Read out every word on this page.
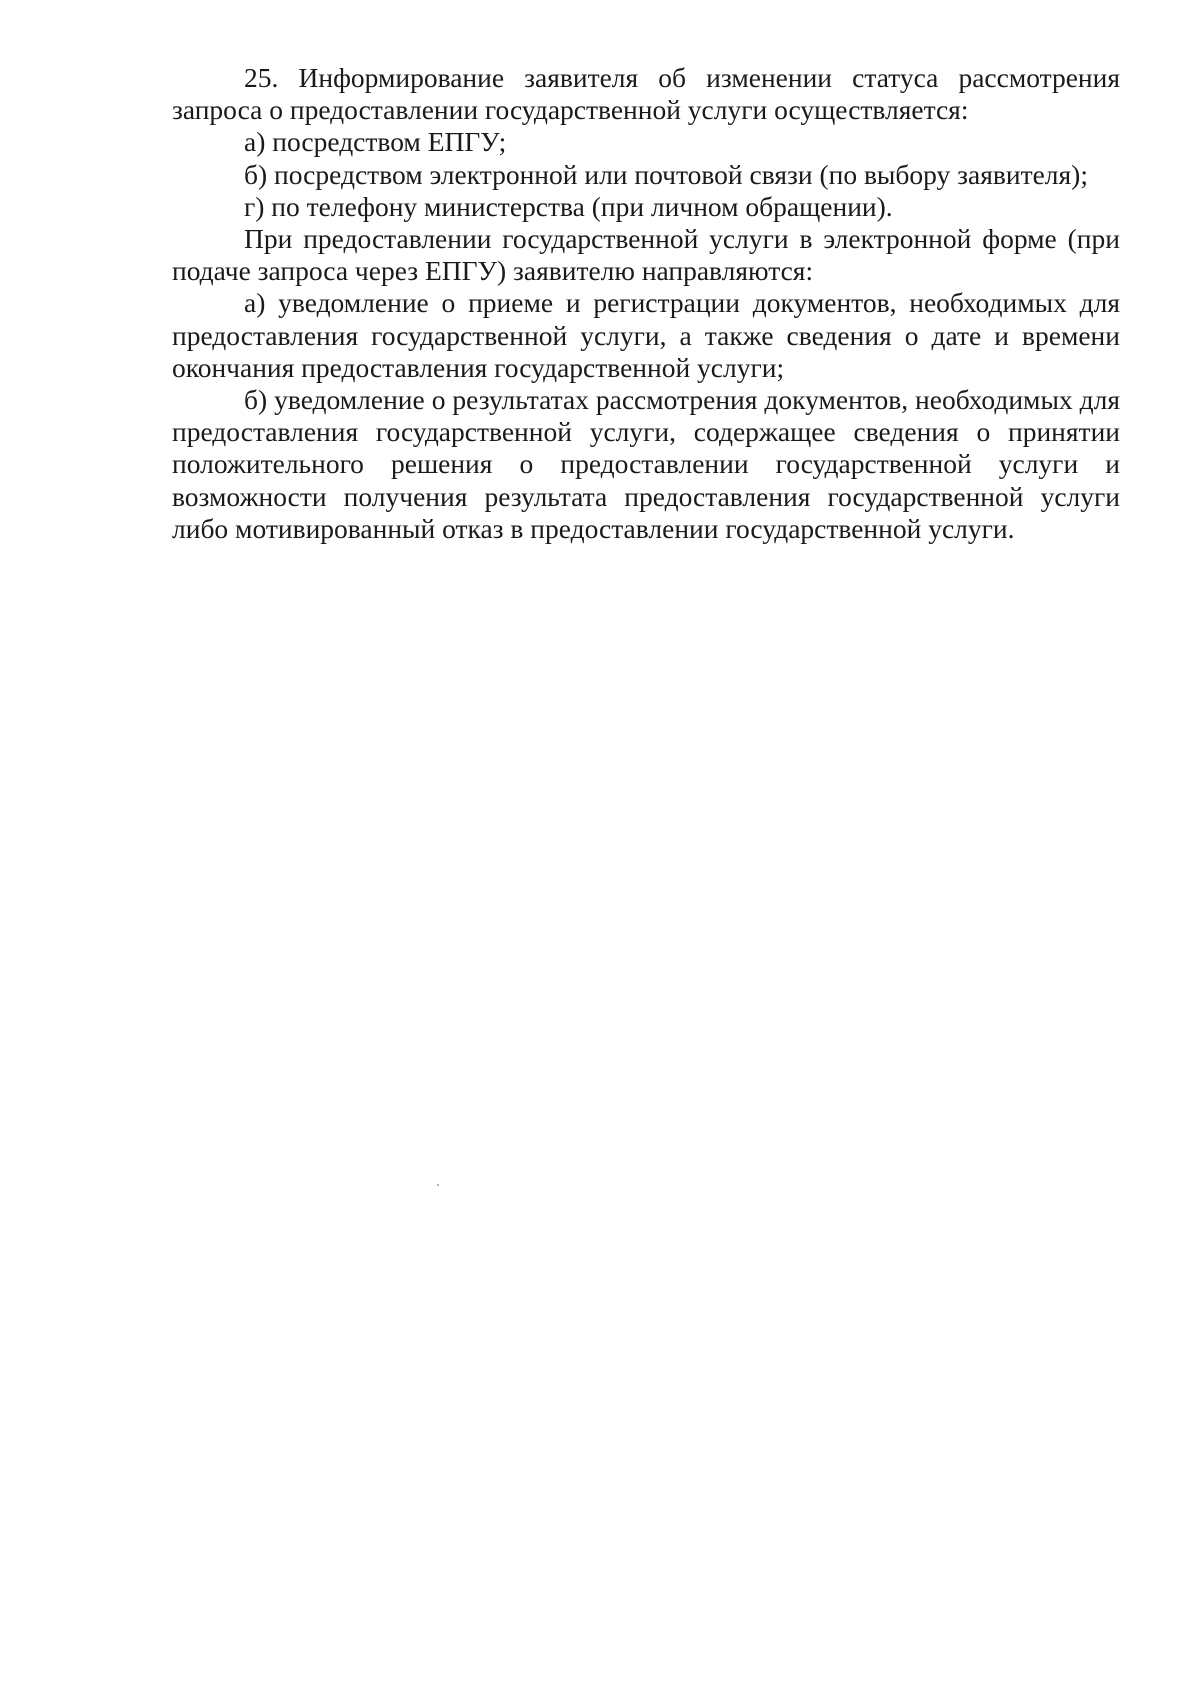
25. Информирование заявителя об изменении статуса рассмотрения запроса о предоставлении государственной услуги осуществляется:

а) посредством ЕПГУ;

б) посредством электронной или почтовой связи (по выбору заявителя);

г) по телефону министерства (при личном обращении).

При предоставлении государственной услуги в электронной форме (при подаче запроса через ЕПГУ) заявителю направляются:

а) уведомление о приеме и регистрации документов, необходимых для предоставления государственной услуги, а также сведения о дате и времени окончания предоставления государственной услуги;

б) уведомление о результатах рассмотрения документов, необходимых для предоставления государственной услуги, содержащее сведения о принятии положительного решения о предоставлении государственной услуги и возможности получения результата предоставления государственной услуги либо мотивированный отказ в предоставлении государственной услуги.
